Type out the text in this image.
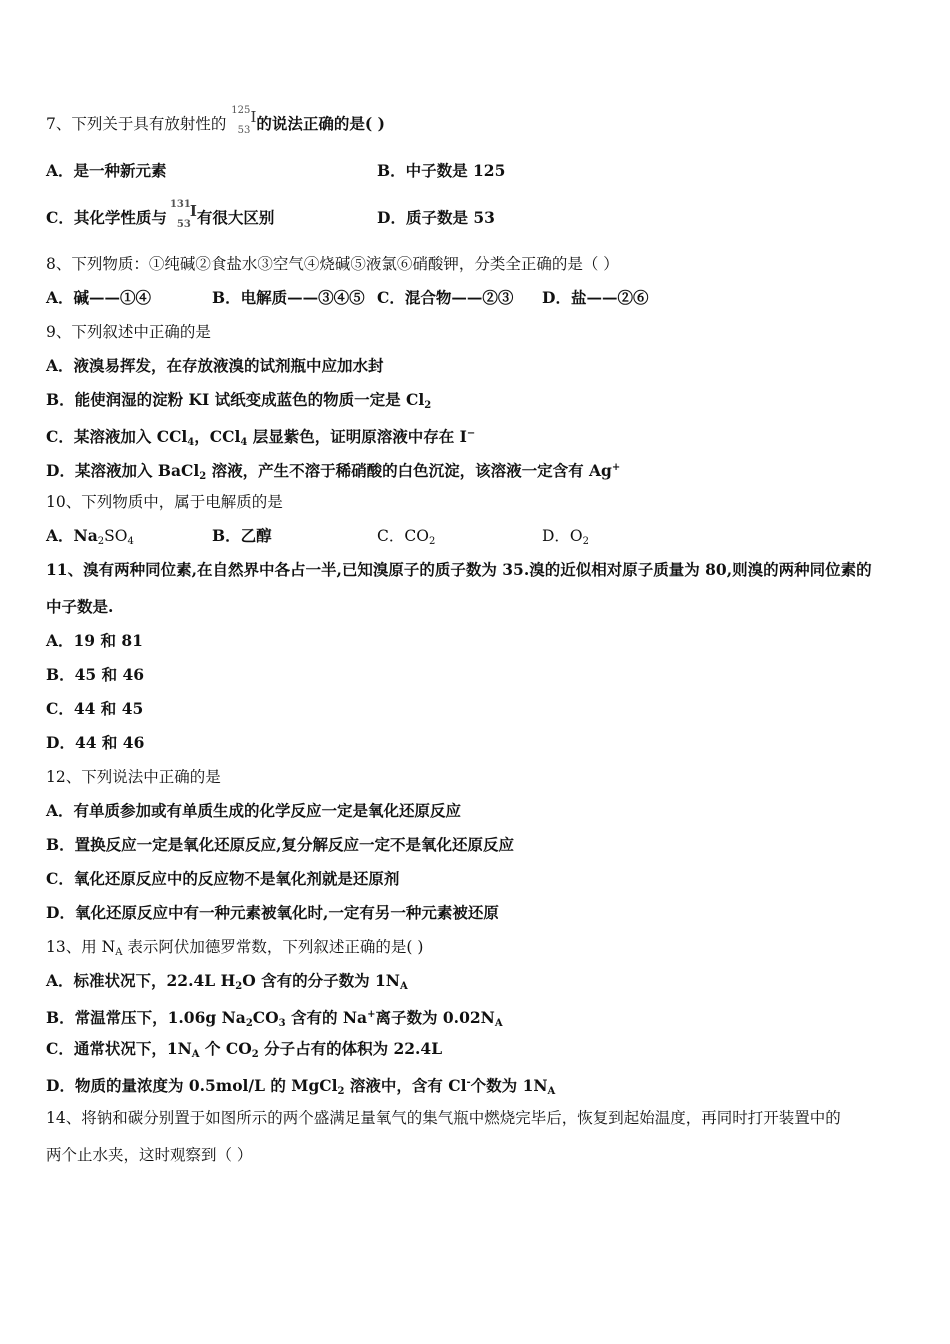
7、下列关于具有放射性的
125
53
I 的说法正确的是( )
A．是一种新元素	B．中子数是 125
C．其化学性质与
131
53
I 有很大区别	D．质子数是 53
8、下列物质：①纯碱②食盐水③空气④烧碱⑤液氯⑥硝酸钾，分类全正确的是（ ）
A．碱——①④	B．电解质——③④⑤ C．混合物——②③ D．盐——②⑥
9、下列叙述中正确的是
A．液溴易挥发，在存放液溴的试剂瓶中应加水封
B．能使润湿的淀粉 KI 试纸变成蓝色的物质一定是 $Cl_2$
C．某溶液加入 CCl$_4$，CCl$_4$ 层显紫色，证明原溶液中存在 I−
D．某溶液加入 BaCl$_2$ 溶液，产生不溶于稀硝酸的白色沉淀，该溶液一定含有 Ag+
10、下列物质中，属于电解质的是
A．$Na_2SO_4$	B．乙醇	C．$CO_2$	D．$O_2$
11、溴有两种同位素,在自然界中各占一半,已知溴原子的质子数为 35.溴的近似相对原子质量为 80,则溴的两种同位素的
中子数是.
A．19 和 81
B．45 和 46
C．44 和 45
D．44 和 46
12、下列说法中正确的是
A．有单质参加或有单质生成的化学反应一定是氧化还原反应
B．置换反应一定是氧化还原反应,复分解反应一定不是氧化还原反应
C．氧化还原反应中的反应物不是氧化剂就是还原剂
D．氧化还原反应中有一种元素被氧化时,一定有另一种元素被还原
13、用 $N_A$ 表示阿伏加德罗常数，下列叙述正确的是( )
A．标准状况下，22.4L $H_2O$ 含有的分子数为 $1N_A$
B．常温常压下，1.06g $Na_2CO_3$ 含有的 Na+离子数为 $0.02N_A$
C．通常状况下，$1N_A$ 个 $CO_2$ 分子占有的体积为 22.4L
D．物质的量浓度为 0.5mol/L 的 MgCl$_2$ 溶液中，含有 Cl-个数为 $1N_A$
14、将钠和碳分别置于如图所示的两个盛满足量氧气的集气瓶中燃烧完毕后，恢复到起始温度，再同时打开装置中的
两个止水夹，这时观察到（ ）
